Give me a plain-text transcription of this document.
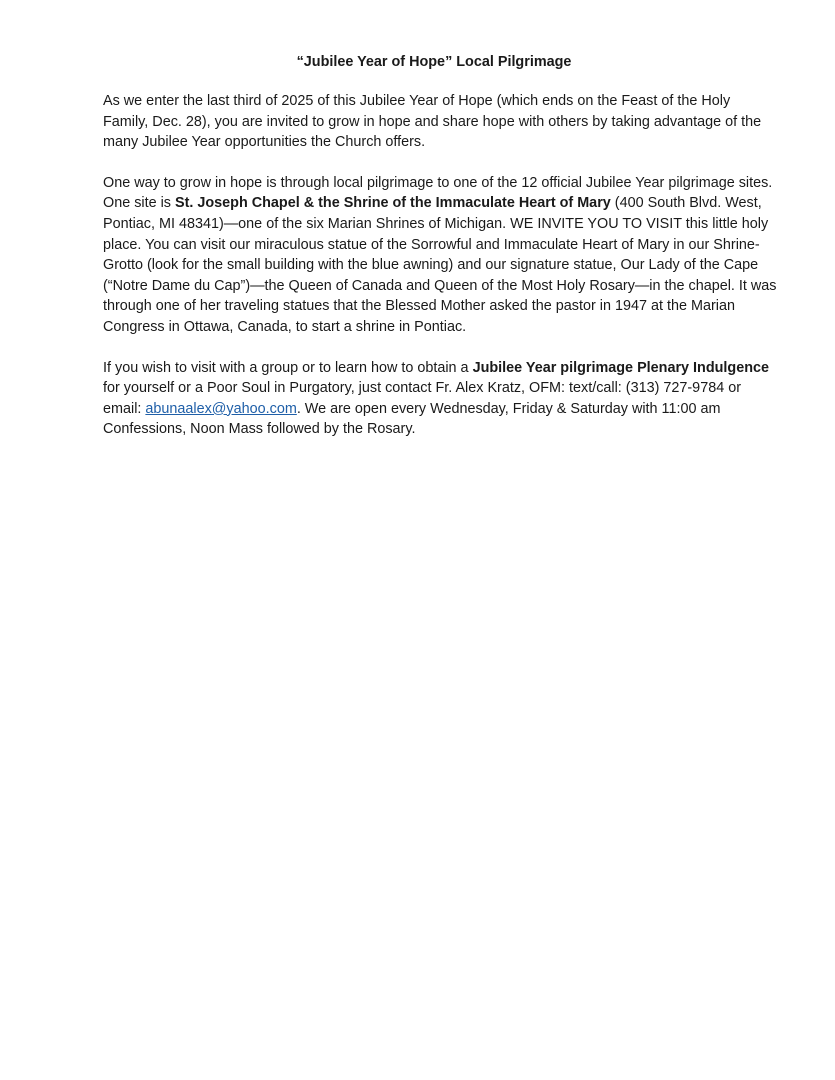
“Jubilee Year of Hope” Local Pilgrimage

As we enter the last third of 2025 of this Jubilee Year of Hope (which ends on the Feast of the Holy Family, Dec. 28), you are invited to grow in hope and share hope with others by taking advantage of the many Jubilee Year opportunities the Church offers.

One way to grow in hope is through local pilgrimage to one of the 12 official Jubilee Year pilgrimage sites. One site is St. Joseph Chapel & the Shrine of the Immaculate Heart of Mary (400 South Blvd. West, Pontiac, MI 48341)—one of the six Marian Shrines of Michigan. WE INVITE YOU TO VISIT this little holy place. You can visit our miraculous statue of the Sorrowful and Immaculate Heart of Mary in our Shrine-Grotto (look for the small building with the blue awning) and our signature statue, Our Lady of the Cape (“Notre Dame du Cap”)—the Queen of Canada and Queen of the Most Holy Rosary—in the chapel. It was through one of her traveling statues that the Blessed Mother asked the pastor in 1947 at the Marian Congress in Ottawa, Canada, to start a shrine in Pontiac.

If you wish to visit with a group or to learn how to obtain a Jubilee Year pilgrimage Plenary Indulgence for yourself or a Poor Soul in Purgatory, just contact Fr. Alex Kratz, OFM: text/call: (313) 727-9784 or email: abunaalex@yahoo.com. We are open every Wednesday, Friday & Saturday with 11:00 am Confessions, Noon Mass followed by the Rosary.
